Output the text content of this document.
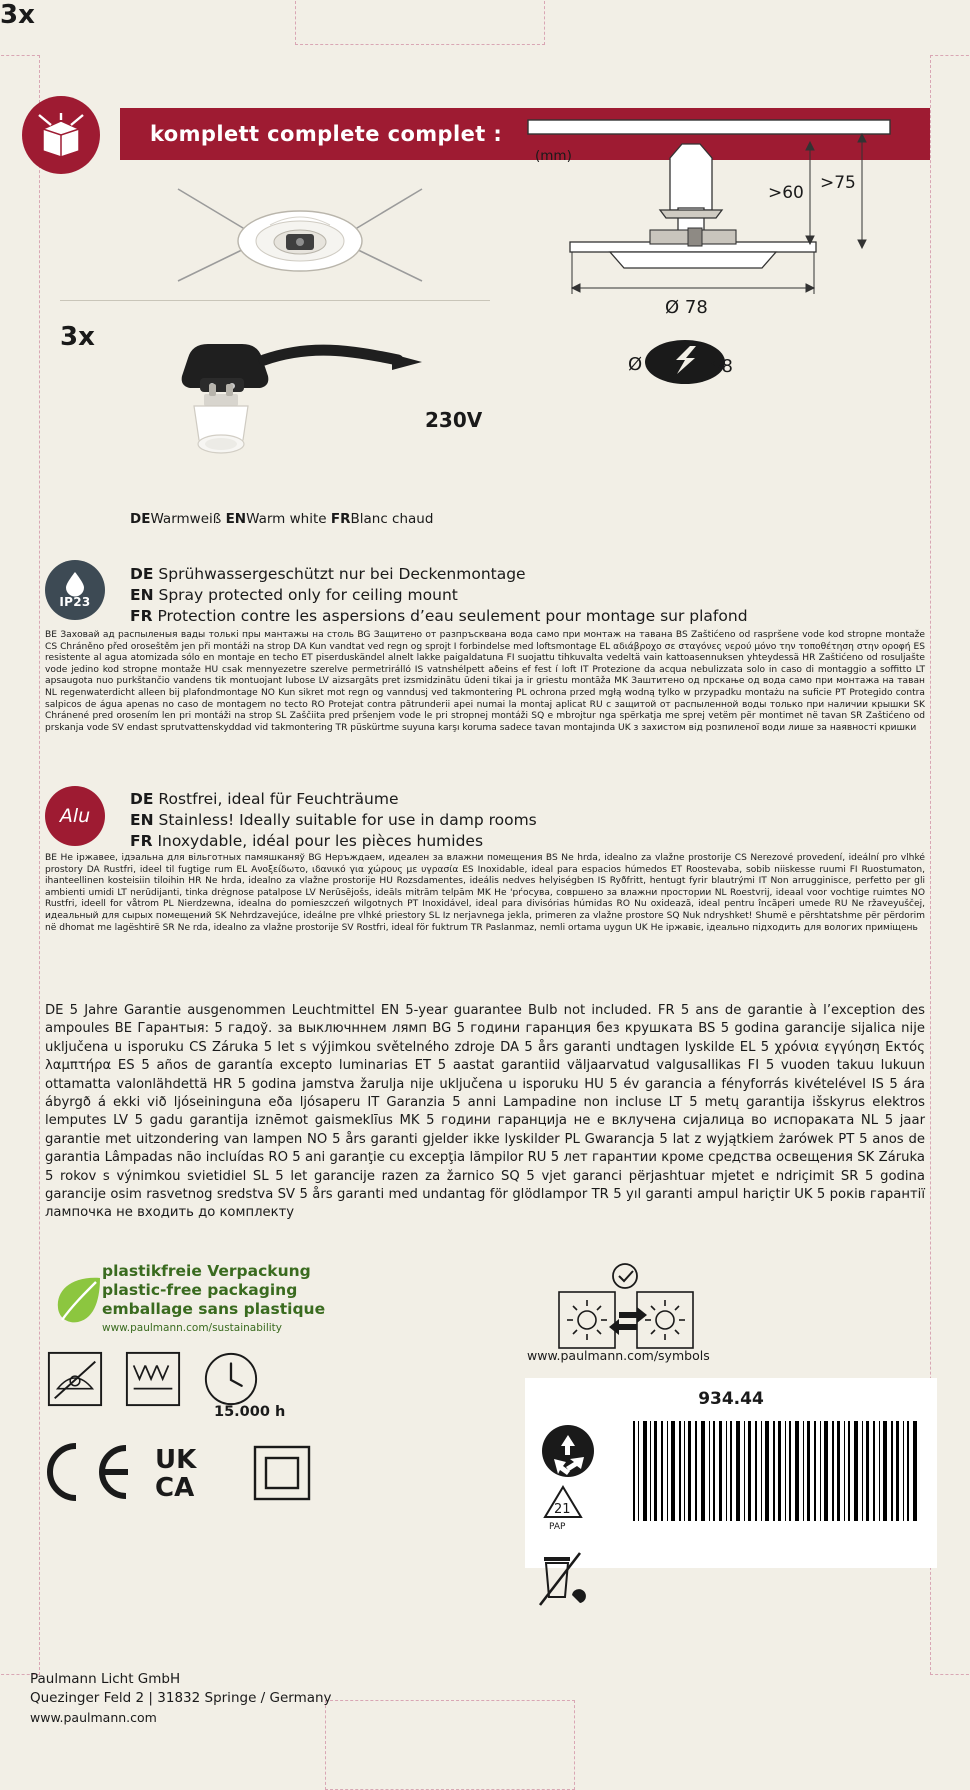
komplett complete complet :
3x
3x
230V
DEWarmweiß ENWarm white FRBlanc chaud
(mm)
>60 >75
Ø 78
Ø	68
IP23
DE Sprühwassergeschützt nur bei Deckenmontage
EN Spray protected only for ceiling mount
FR Protection contre les aspersions d’eau seulement pour montage sur plafond
BE Заховай ад распыленыя вады толькі пры мантажы на столь BG Защитено от разпръсквана вода само при монтаж на тавана BS Zaštićeno od raspršene vode kod stropne montaže CS Chráněno před oroseštěm jen při montáži na strop DA Kun vandtat ved regn og sprojt I forbindelse med loftsmontage EL αδιάβροχο σε σταγόνες νερού μόνο την τοποθέτηση στην οροφή ES resistente al agua atomizada sólo en montaje en techo ET piserduskändel alnelt lakke paigaldatuna FI suojattu tihkuvalta vedeltä vain kattoasennuksen yhteydessä HR Zaštićeno od rosuljašte vode jedino kod stropne montaže HU csak mennyezetre szerelve permetrirálló IS vatnshélpett aðeins ef fest í loft IT Protezione da acqua nebulizzata solo in caso di montaggio a soffitto LT apsaugota nuo purkštančio vandens tik montuojant lubose LV aizsargāts pret izsmidzinātu ūdeni tikai ja ir griestu montāža MK Заштитено од прскање од вода само при монтажа на таван NL regenwaterdicht alleen bij plafondmontage NO Kun sikret mot regn og vanndusj ved takmontering PL ochrona przed mgłą wodną tylko w przypadku montażu na suficie PT Protegido contra salpicos de água apenas no caso de montagem no tecto RO Protejat contra pătrunderii apei numai la montaj aplicat RU с защитой от распыленной воды только при наличии крышки SK Chránené pred orosením len pri montáži na strop SL Zaščiita pred pršenjem vode le pri stropnej montáži SQ e mbrojtur nga spërkatja me sprej vetëm për montimet në tavan SR Zaštićeno od prskanja vode SV endast sprutvattenskyddad vid takmontering TR püskürtme suyuna karşı koruma sadece tavan montajında UK з захистом від розпиленої води лише за наявності кришки
Alu
DE Rostfrei, ideal für Feuchträume
EN Stainless! Ideally suitable for use in damp rooms
FR Inoxydable, idéal pour les pièces humides
BE Не іржавее, ідэальна для вільготных памяшканяў BG Неръждаем, идеален за влажни помещения BS Ne hrda, idealno za vlažne prostorije CS Nerezové provedení, ideální pro vlhké prostory DA Rustfri, ideel til fugtige rum EL Ανοξείδωτο, ιδανικό για χώρους με υγρασία ES Inoxidable, ideal para espacios húmedos ET Roostevaba, sobib niiskesse ruumi FI Ruostumaton, ihanteellinen kosteisiin tiloihin HR Ne hrda, idealno za vlažne prostorije HU Rozsdamentes, ideális nedves helyiségben IS Ryðfritt, hentugt fyrir blautrými IT Non arrugginisce, perfetto per gli ambienti umidi LT nerūdijanti, tinka drėgnose patalpose LV Nerūsējošs, ideāls mitrām telpām MK Не 'рѓосува, совршено за влажни простории NL Roestvrij, ideaal voor vochtige ruimtes NO Rustfri, ideell for våtrom PL Nierdzewna, idealna do pomieszczeń wilgotnych PT Inoxidável, ideal para divisórias húmidas RO Nu oxidează, ideal pentru încăperi umede RU Ne ržaveyuščej, идеальный для сырых помещений SK Nehrdzavejúce, ideálne pre vlhké priestory SL Iz nerjavnega jekla, primeren za vlažne prostore SQ Nuk ndryshket! Shumë e përshtatshme për përdorim në dhomat me lagështirë SR Ne rda, idealno za vlažne prostorije SV Rostfri, ideal för fuktrum TR Paslanmaz, nemli ortama uygun UK Не іржавіє, ідеально підходить для вологих приміщень
DE 5 Jahre Garantie ausgenommen Leuchtmittel EN 5-year guarantee Bulb not included. FR 5 ans de garantie à l’exception des ampoules BE Гарантыя: 5 гадоў. за выключннем лямп BG 5 години гаранция без крушката BS 5 godina garancije sijalica nije uključena u isporuku CS Záruka 5 let s výjimkou světelného zdroje DA 5 års garanti undtagen lyskilde EL 5 χρόνια εγγύηση Εκτός λαμπτήρα ES 5 años de garantía excepto luminarias ET 5 aastat garantiid väljaarvatud valgusallikas FI 5 vuoden takuu lukuun ottamatta valonlähdettä HR 5 godina jamstva žarulja nije uključena u isporuku HU 5 év garancia a fényforrás kivételével IS 5 ára ábyrgð á ekki við ljóseininguna eða ljósaperu IT Garanzia 5 anni Lampadine non incluse LT 5 metų garantija išskyrus elektros lemputes LV 5 gadu garantija iznēmot gaismeklīus MK 5 години гаранција не е вклучена сијалица во испораката NL 5 jaar garantie met uitzondering van lampen NO 5 års garanti gjelder ikke lyskilder PL Gwarancja 5 lat z wyjątkiem żarówek PT 5 anos de garantia Lâmpadas não incluídas RO 5 ani garanţie cu excepţia lămpilor RU 5 лет гарантии кроме средства освещения SK Záruka 5 rokov s výnimkou svietidiel SL 5 let garancije razen za žarnico SQ 5 vjet garanci përjashtuar mjetet e ndriçimit SR 5 godina garancije osim rasvetnog sredstva SV 5 års garanti med undantag för glödlampor TR 5 yıl garanti ampul hariçtir UK 5 років гарантії лампочка не входить до комплекту
plastikfreie Verpackung
plastic-free packaging
emballage sans plastique
www.paulmann.com/sustainability
15.000 h
UK
CA
Paulmann Licht GmbH
Quezinger Feld 2 | 31832 Springe / Germany
www.paulmann.com
www.paulmann.com/symbols
934.44
21
PAP
